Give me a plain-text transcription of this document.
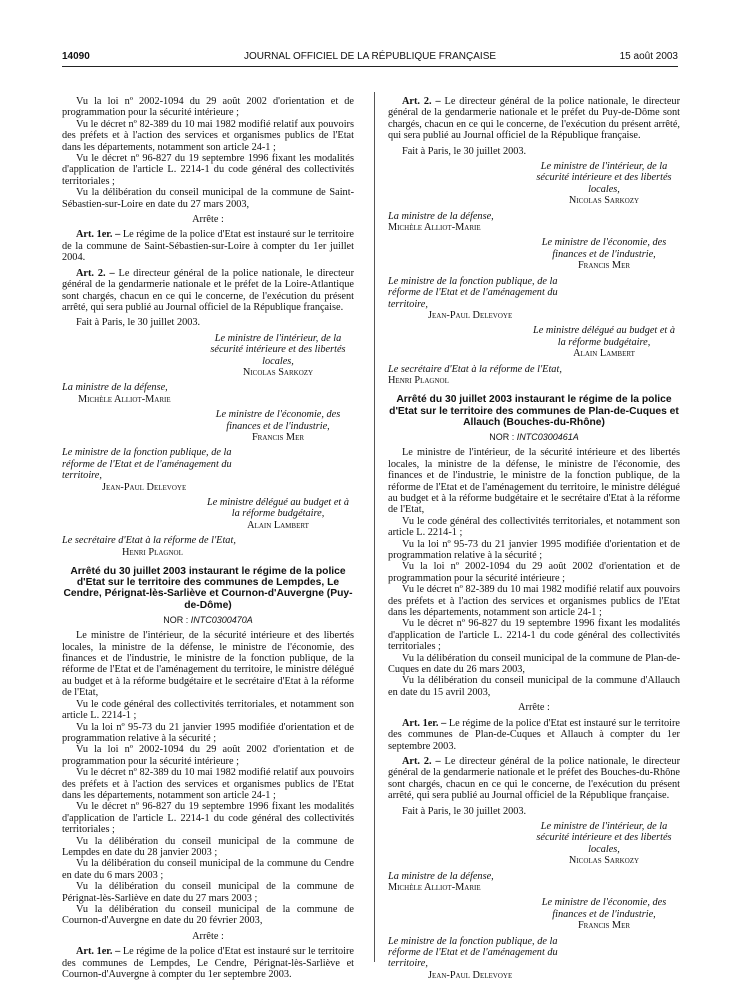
14090	JOURNAL OFFICIEL DE LA RÉPUBLIQUE FRANÇAISE	15 août 2003

Vu la loi nº 2002-1094 du 29 août 2002 d'orientation et de programmation pour la sécurité intérieure ;

Vu le décret nº 82-389 du 10 mai 1982 modifié relatif aux pouvoirs des préfets et à l'action des services et organismes publics de l'Etat dans les départements, notamment son article 24-1 ;

Vu le décret nº 96-827 du 19 septembre 1996 fixant les modalités d'application de l'article L. 2214-1 du code général des collectivités territoriales ;

Vu la délibération du conseil municipal de la commune de Saint-Sébastien-sur-Loire en date du 27 mars 2003,

Arrête :

Art. 1er. – Le régime de la police d'Etat est instauré sur le territoire de la commune de Saint-Sébastien-sur-Loire à compter du 1er juillet 2004.

Art. 2. – Le directeur général de la police nationale, le directeur général de la gendarmerie nationale et le préfet de la Loire-Atlantique sont chargés, chacun en ce qui le concerne, de l'exécution du présent arrêté, qui sera publié au Journal officiel de la République française.

Fait à Paris, le 30 juillet 2003.

Le ministre de l'intérieur, de la sécurité intérieure et des libertés locales,
Nicolas Sarkozy
La ministre de la défense,
Michèle Alliot-Marie
Le ministre de l'économie, des finances et de l'industrie,
Francis Mer
Le ministre de la fonction publique, de la réforme de l'Etat et de l'aménagement du territoire,
Jean-Paul Delevoye
Le ministre délégué au budget et à la réforme budgétaire,
Alain Lambert
Le secrétaire d'Etat à la réforme de l'Etat,
Henri Plagnol
Arrêté du 30 juillet 2003 instaurant le régime de la police d'Etat sur le territoire des communes de Lempdes, Le Cendre, Pérignat-lès-Sarliève et Cournon-d'Auvergne (Puy-de-Dôme)
NOR : INTC0300470A

Le ministre de l'intérieur, de la sécurité intérieure et des libertés locales, la ministre de la défense, le ministre de l'économie, des finances et de l'industrie, le ministre de la fonction publique, de la réforme de l'Etat et de l'aménagement du territoire, le ministre délégué au budget et à la réforme budgétaire et le secrétaire d'Etat à la réforme de l'Etat,

Vu le code général des collectivités territoriales, et notamment son article L. 2214-1 ;

Vu la loi nº 95-73 du 21 janvier 1995 modifiée d'orientation et de programmation relative à la sécurité ;

Vu la loi nº 2002-1094 du 29 août 2002 d'orientation et de programmation pour la sécurité intérieure ;

Vu le décret nº 82-389 du 10 mai 1982 modifié relatif aux pouvoirs des préfets et à l'action des services et organismes publics de l'Etat dans les départements, notamment son article 24-1 ;

Vu le décret nº 96-827 du 19 septembre 1996 fixant les modalités d'application de l'article L. 2214-1 du code général des collectivités territoriales ;

Vu la délibération du conseil municipal de la commune de Lempdes en date du 28 janvier 2003 ;

Vu la délibération du conseil municipal de la commune du Cendre en date du 6 mars 2003 ;

Vu la délibération du conseil municipal de la commune de Pérignat-lès-Sarliève en date du 27 mars 2003 ;

Vu la délibération du conseil municipal de la commune de Cournon-d'Auvergne en date du 20 février 2003,

Arrête :

Art. 1er. – Le régime de la police d'Etat est instauré sur le territoire des communes de Lempdes, Le Cendre, Pérignat-lès-Sarliève et Cournon-d'Auvergne à compter du 1er septembre 2003.

Art. 2. – Le directeur général de la police nationale, le directeur général de la gendarmerie nationale et le préfet du Puy-de-Dôme sont chargés, chacun en ce qui le concerne, de l'exécution du présent arrêté, qui sera publié au Journal officiel de la République française.

Fait à Paris, le 30 juillet 2003.

Le ministre de l'intérieur, de la sécurité intérieure et des libertés locales,
Nicolas Sarkozy
La ministre de la défense,
Michèle Alliot-Marie
Le ministre de l'économie, des finances et de l'industrie,
Francis Mer
Le ministre de la fonction publique, de la réforme de l'Etat et de l'aménagement du territoire,
Jean-Paul Delevoye
Le ministre délégué au budget et à la réforme budgétaire,
Alain Lambert
Le secrétaire d'Etat à la réforme de l'Etat,
Henri Plagnol
Arrêté du 30 juillet 2003 instaurant le régime de la police d'Etat sur le territoire des communes de Plan-de-Cuques et Allauch (Bouches-du-Rhône)
NOR : INTC0300461A

Le ministre de l'intérieur, de la sécurité intérieure et des libertés locales, la ministre de la défense, le ministre de l'économie, des finances et de l'industrie, le ministre de la fonction publique, de la réforme de l'Etat et de l'aménagement du territoire, le ministre délégué au budget et à la réforme budgétaire et le secrétaire d'Etat à la réforme de l'Etat,

Vu le code général des collectivités territoriales, et notamment son article L. 2214-1 ;

Vu la loi nº 95-73 du 21 janvier 1995 modifiée d'orientation et de programmation relative à la sécurité ;

Vu la loi nº 2002-1094 du 29 août 2002 d'orientation et de programmation pour la sécurité intérieure ;

Vu le décret nº 82-389 du 10 mai 1982 modifié relatif aux pouvoirs des préfets et à l'action des services et organismes publics de l'Etat dans les départements, notamment son article 24-1 ;

Vu le décret nº 96-827 du 19 septembre 1996 fixant les modalités d'application de l'article L. 2214-1 du code général des collectivités territoriales ;

Vu la délibération du conseil municipal de la commune de Plan-de-Cuques en date du 26 mars 2003,

Vu la délibération du conseil municipal de la commune d'Allauch en date du 15 avril 2003,

Arrête :

Art. 1er. – Le régime de la police d'Etat est instauré sur le territoire des communes de Plan-de-Cuques et Allauch à compter du 1er septembre 2003.

Art. 2. – Le directeur général de la police nationale, le directeur général de la gendarmerie nationale et le préfet des Bouches-du-Rhône sont chargés, chacun en ce qui le concerne, de l'exécution du présent arrêté, qui sera publié au Journal officiel de la République française.

Fait à Paris, le 30 juillet 2003.

Le ministre de l'intérieur, de la sécurité intérieure et des libertés locales,
Nicolas Sarkozy
La ministre de la défense,
Michèle Alliot-Marie
Le ministre de l'économie, des finances et de l'industrie,
Francis Mer
Le ministre de la fonction publique, de la réforme de l'Etat et de l'aménagement du territoire,
Jean-Paul Delevoye
